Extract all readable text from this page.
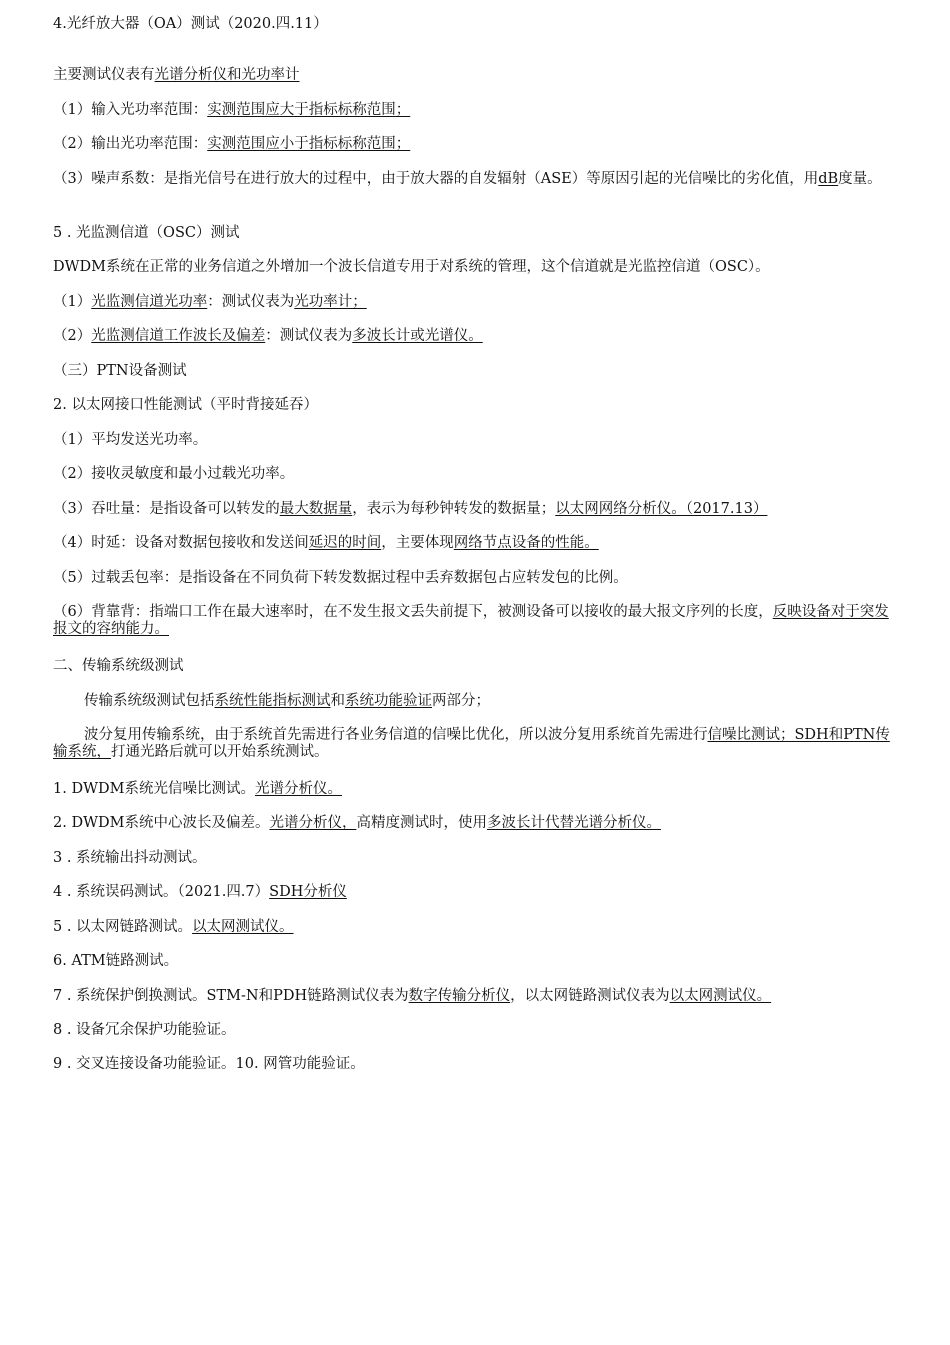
4.光纤放大器（OA）测试（2020.四.11）
主要测试仪表有光谱分析仪和光功率计
（1）输入光功率范围：实测范围应大于指标标称范围；
（2）输出光功率范围：实测范围应小于指标标称范围；
（3）噪声系数：是指光信号在进行放大的过程中，由于放大器的自发辐射（ASE）等原因引起的光信噪比的劣化值，用dB度量。
5 . 光监测信道（OSC）测试
DWDM系统在正常的业务信道之外增加一个波长信道专用于对系统的管理，这个信道就是光监控信道（OSC）。
（1）光监测信道光功率：测试仪表为光功率计；
（2）光监测信道工作波长及偏差：测试仪表为多波长计或光谱仪。
（三）PTN设备测试
2. 以太网接口性能测试（平时背接延吞）
（1）平均发送光功率。
（2）接收灵敏度和最小过载光功率。
（3）吞吐量：是指设备可以转发的最大数据量，表示为每秒钟转发的数据量；以太网网络分析仪。（2017.13）
（4）时延：设备对数据包接收和发送间延迟的时间，主要体现网络节点设备的性能。
（5）过载丢包率：是指设备在不同负荷下转发数据过程中丢弃数据包占应转发包的比例。
（6）背靠背：指端口工作在最大速率时，在不发生报文丢失前提下，被测设备可以接收的最大报文序列的长度，反映设备对于突发报文的容纳能力。
二、传输系统级测试
传输系统级测试包括系统性能指标测试和系统功能验证两部分；
波分复用传输系统，由于系统首先需进行各业务信道的信噪比优化，所以波分复用系统首先需进行信噪比测试；SDH和PTN传输系统，打通光路后就可以开始系统测试。
1. DWDM系统光信噪比测试。光谱分析仪。
2. DWDM系统中心波长及偏差。光谱分析仪，高精度测试时，使用多波长计代替光谱分析仪。
3 . 系统输出抖动测试。
4 . 系统误码测试。（2021.四.7）SDH分析仪
5 . 以太网链路测试。以太网测试仪。
6. ATM链路测试。
7 . 系统保护倒换测试。STM-N和PDH链路测试仪表为数字传输分析仪，以太网链路测试仪表为以太网测试仪。
8 . 设备冗余保护功能验证。
9 . 交叉连接设备功能验证。10. 网管功能验证。
